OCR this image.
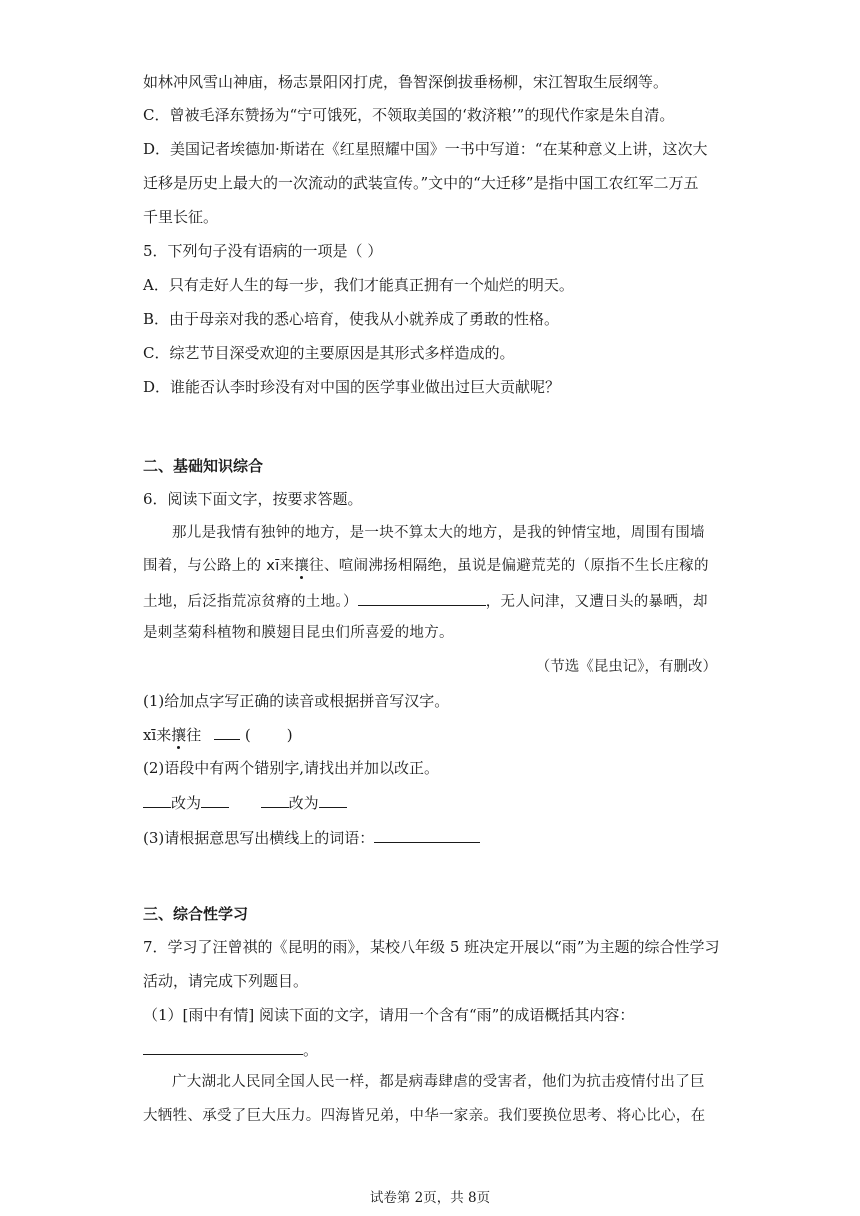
如林冲风雪山神庙，杨志景阳冈打虎，鲁智深倒拔垂杨柳，宋江智取生辰纲等。
C．曾被毛泽东赞扬为“宁可饿死，不领取美国的‘救济粮’”的现代作家是朱自清。
D．美国记者埃德加·斯诺在《红星照耀中国》一书中写道：“在某种意义上讲，这次大
迁移是历史上最大的一次流动的武装宣传。”文中的“大迁移”是指中国工农红军二万五
千里长征。
5．下列句子没有语病的一项是（ ）
A．只有走好人生的每一步，我们才能真正拥有一个灿烂的明天。
B．由于母亲对我的悉心培育，使我从小就养成了勇敢的性格。
C．综艺节目深受欢迎的主要原因是其形式多样造成的。
D．谁能否认李时珍没有对中国的医学事业做出过巨大贡献呢？
二、基础知识综合
6．阅读下面文字，按要求答题。
那儿是我情有独钟的地方，是一块不算太大的地方，是我的钟情宝地，周围有围墙
围着，与公路上的 xī来攘往、喧闹沸扬相隔绝，虽说是偏避荒芜的（原指不生长庄稼的
土地，后泛指荒凉贫瘠的土地。）	，无人问津，又遭日头的暴晒，却
是刺茎菊科植物和膜翅目昆虫们所喜爱的地方。
（节选《昆虫记》，有删改）
(1)给加点字写正确的读音或根据拼音写汉字。
xī来攘往	( )
(2)语段中有两个错别字,请找出并加以改正。
改为	改为
(3)请根据意思写出横线上的词语：
三、综合性学习
7．学习了汪曾祺的《昆明的雨》，某校八年级 5 班决定开展以“雨”为主题的综合性学习
活动，请完成下列题目。
（1）[雨中有情] 阅读下面的文字，请用一个含有“雨”的成语概括其内容：
。
广大湖北人民同全国人民一样，都是病毒肆虐的受害者，他们为抗击疫情付出了巨
大牺牲、承受了巨大压力。四海皆兄弟，中华一家亲。我们要换位思考、将心比心，在
试卷第 2页，共 8页
